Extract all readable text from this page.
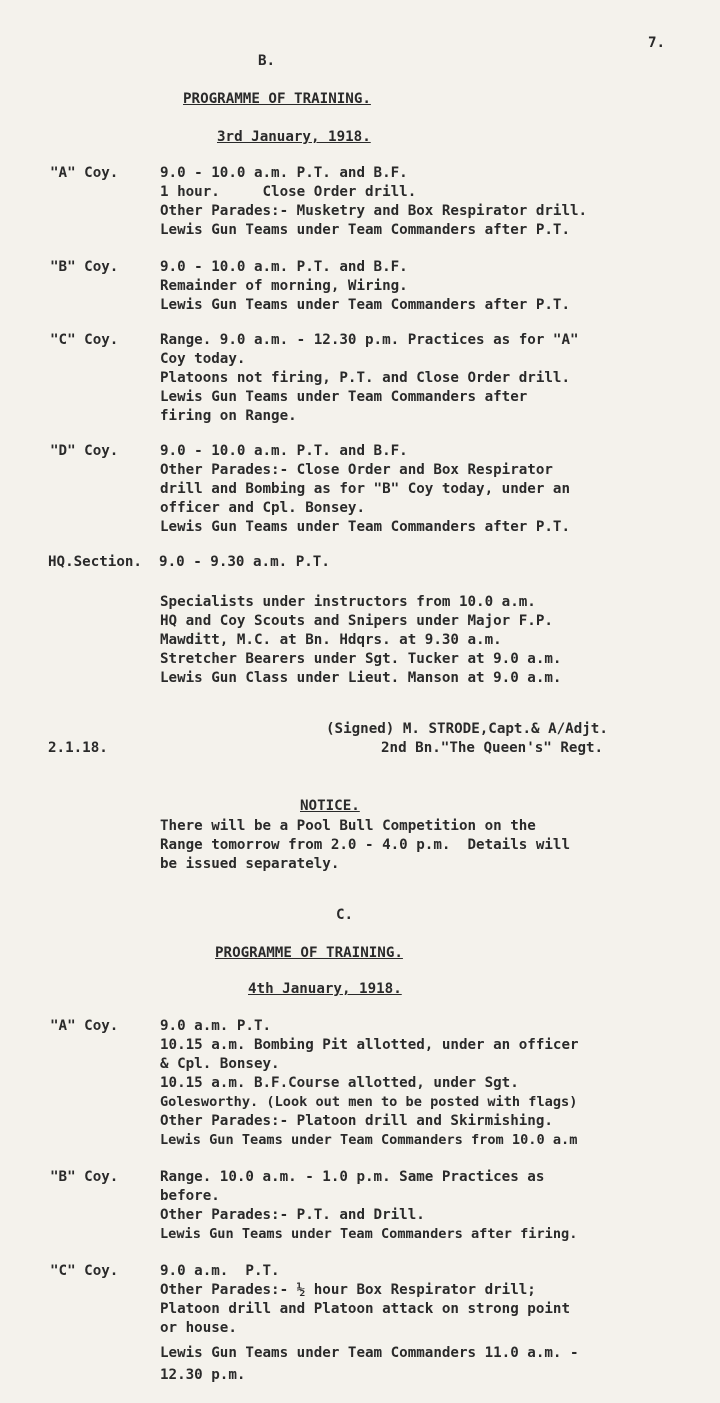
7.
B.
PROGRAMME OF TRAINING.
3rd January, 1918.
"A" Coy.	9.0 - 10.0 a.m. P.T. and B.F.
1 hour.     Close Order drill.
Other Parades:- Musketry and Box Respirator drill.
Lewis Gun Teams under Team Commanders after P.T.
"B" Coy.	9.0 - 10.0 a.m. P.T. and B.F.
Remainder of morning, Wiring.
Lewis Gun Teams under Team Commanders after P.T.
"C" Coy.	Range. 9.0 a.m. - 12.30 p.m. Practices as for "A"
Coy today.
Platoons not firing, P.T. and Close Order drill.
Lewis Gun Teams under Team Commanders after
firing on Range.
"D" Coy.	9.0 - 10.0 a.m. P.T. and B.F.
Other Parades:- Close Order and Box Respirator
drill and Bombing as for "B" Coy today, under an
officer and Cpl. Bonsey.
Lewis Gun Teams under Team Commanders after P.T.
HQ.Section.  9.0 - 9.30 a.m. P.T.
Specialists under instructors from 10.0 a.m.
HQ and Coy Scouts and Snipers under Major F.P.
Mawditt, M.C. at Bn. Hdqrs. at 9.30 a.m.
Stretcher Bearers under Sgt. Tucker at 9.0 a.m.
Lewis Gun Class under Lieut. Manson at 9.0 a.m.
(Signed) M. STRODE,Capt.& A/Adjt.
2nd Bn."The Queen's" Regt.
2.1.18.
NOTICE.
There will be a Pool Bull Competition on the
Range tomorrow from 2.0 - 4.0 p.m.  Details will
be issued separately.
C.
PROGRAMME OF TRAINING.
4th January, 1918.
"A" Coy.	9.0 a.m. P.T.
10.15 a.m. Bombing Pit allotted, under an officer
& Cpl. Bonsey.
10.15 a.m. B.F.Course allotted, under Sgt.
Golesworthy. (Look out men to be posted with flags)
Other Parades:- Platoon drill and Skirmishing.
Lewis Gun Teams under Team Commanders from 10.0 a.m
"B" Coy.	Range. 10.0 a.m. - 1.0 p.m. Same Practices as
before.
Other Parades:- P.T. and Drill.
Lewis Gun Teams under Team Commanders after firing.
"C" Coy.	9.0 a.m.  P.T.
Other Parades:- ½ hour Box Respirator drill;
Platoon drill and Platoon attack on strong point
or house.
Lewis Gun Teams under Team Commanders 11.0 a.m. -
12.30 p.m.
